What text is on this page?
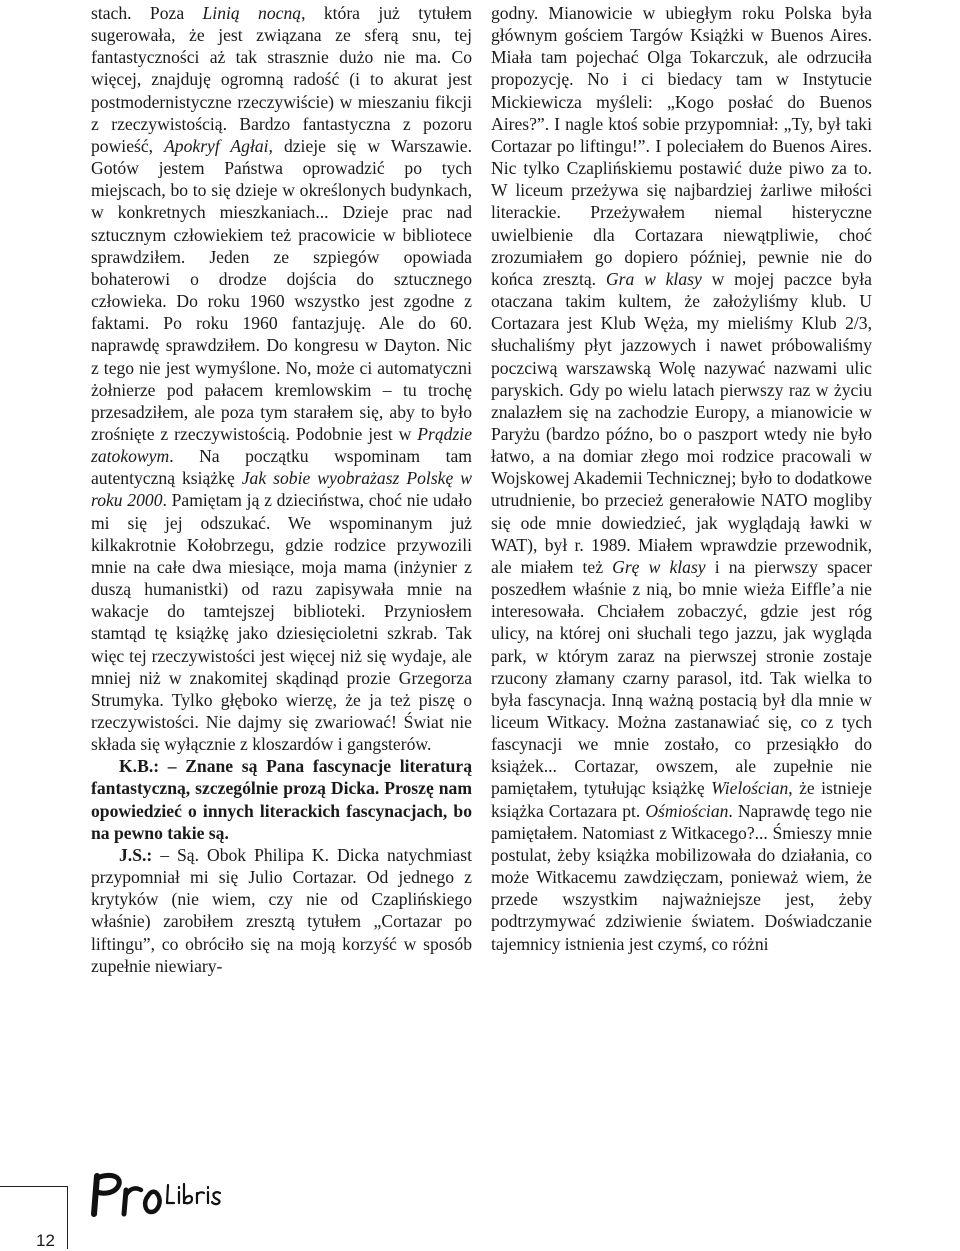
stach. Poza Linią nocną, która już tytułem sugerowała, że jest związana ze sferą snu, tej fantastyczności aż tak strasznie dużo nie ma. Co więcej, znajduję ogromną radość (i to akurat jest postmodernistyczne rzeczywiście) w mieszaniu fikcji z rzeczywistością. Bardzo fantastyczna z pozoru powieść, Apokryf Agłai, dzieje się w Warszawie. Gotów jestem Państwa oprowadzić po tych miejscach, bo to się dzieje w określonych budynkach, w konkretnych mieszkaniach... Dzieje prac nad sztucznym człowiekiem też pracowicie w bibliotece sprawdziłem. Jeden ze szpiegów opowiada bohaterowi o drodze dojścia do sztucznego człowieka. Do roku 1960 wszystko jest zgodne z faktami. Po roku 1960 fantazjuję. Ale do 60. naprawdę sprawdziłem. Do kongresu w Dayton. Nic z tego nie jest wymyślone. No, może ci automatyczni żołnierze pod pałacem kremlowskim – tu trochę przesadziłem, ale poza tym starałem się, aby to było zrośnięte z rzeczywistością. Podobnie jest w Prądzie zatokowym. Na początku wspominam tam autentyczną książkę Jak sobie wyobrażasz Polskę w roku 2000. Pamiętam ją z dzieciństwa, choć nie udało mi się jej odszukać. We wspominanym już kilkakrotnie Kołobrzegu, gdzie rodzice przywozili mnie na całe dwa miesiące, moja mama (inżynier z duszą humanistki) od razu zapisywała mnie na wakacje do tamtejszej biblioteki. Przyniosłem stamtąd tę książkę jako dziesięcioletni szkrab. Tak więc tej rzeczywistości jest więcej niż się wydaje, ale mniej niż w znakomitej skądinąd prozie Grzegorza Strumyka. Tylko głęboko wierzę, że ja też piszę o rzeczywistości. Nie dajmy się zwariować! Świat nie składa się wyłącznie z kloszardów i gangsterów.

K.B.: – Znane są Pana fascynacje literaturą fantastyczną, szczególnie prozą Dicka. Proszę nam opowiedzieć o innych literackich fascynacjach, bo na pewno takie są.

J.S.: – Są. Obok Philipa K. Dicka natychmiast przypomniał mi się Julio Cortazar. Od jednego z krytyków (nie wiem, czy nie od Czaplińskiego właśnie) zarobiłem zresztą tytułem „Cortazar po liftingu”, co obróciło się na moją korzyść w sposób zupełnie niewiary-

godny. Mianowicie w ubiegłym roku Polska była głównym gościem Targów Książki w Buenos Aires. Miała tam pojechać Olga Tokarczuk, ale odrzuciła propozycję. No i ci biedacy tam w Instytucie Mickiewicza myśleli: „Kogo posłać do Buenos Aires?”. I nagle ktoś sobie przypomniał: „Ty, był taki Cortazar po liftingu!”. I poleciałem do Buenos Aires. Nic tylko Czaplińskiemu postawić duże piwo za to. W liceum przeżywa się najbardziej żarliwe miłości literackie. Przeżywałem niemal histeryczne uwielbienie dla Cortazara niewątpliwie, choć zrozumiałem go dopiero później, pewnie nie do końca zresztą. Gra w klasy w mojej paczce była otaczana takim kultem, że założyliśmy klub. U Cortazara jest Klub Węża, my mieliśmy Klub 2/3, słuchaliśmy płyt jazzowych i nawet próbowaliśmy poczciwą warszawską Wolę nazywać nazwami ulic paryskich. Gdy po wielu latach pierwszy raz w życiu znalazłem się na zachodzie Europy, a mianowicie w Paryżu (bardzo późno, bo o paszport wtedy nie było łatwo, a na domiar złego moi rodzice pracowali w Wojskowej Akademii Technicznej; było to dodatkowe utrudnienie, bo przecież generałowie NATO mogliby się ode mnie dowiedzieć, jak wyglądają ławki w WAT), był r. 1989. Miałem wprawdzie przewodnik, ale miałem też Grę w klasy i na pierwszy spacer poszedłem właśnie z nią, bo mnie wieża Eiffle’a nie interesowała. Chciałem zobaczyć, gdzie jest róg ulicy, na której oni słuchali tego jazzu, jak wygląda park, w którym zaraz na pierwszej stronie zostaje rzucony złamany czarny parasol, itd. Tak wielka to była fascynacja. Inną ważną postacią był dla mnie w liceum Witkacy. Można zastanawiać się, co z tych fascynacji we mnie zostało, co przesiąkło do książek... Cortazar, owszem, ale zupełnie nie pamiętałem, tytułując książkę Wielościan, że istnieje książka Cortazara pt. Ośmiościan. Naprawdę tego nie pamiętałem. Natomiast z Witkacego?... Śmieszy mnie postulat, żeby książka mobilizowała do działania, co może Witkacemu zawdzięczam, ponieważ wiem, że przede wszystkim najważniejsze jest, żeby podtrzymywać zdziwienie światem. Doświadczanie tajemnicy istnienia jest czymś, co różni

12
